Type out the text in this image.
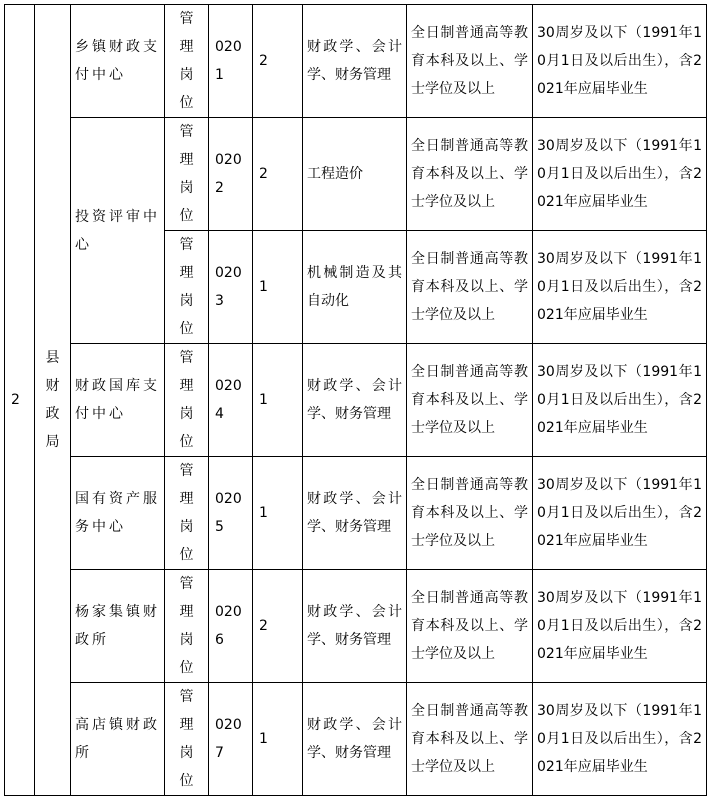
2	县财政局	乡镇财政支付中心	管理岗位	0201	2	财政学、会计学、财务管理	全日制普通高等教育本科及以上、学士学位及以上	30周岁及以下（1991年10月1日及以后出生），含2021年应届毕业生

		投资评审中心	管理岗位	0202	2	工程造价	全日制普通高等教育本科及以上、学士学位及以上	30周岁及以下（1991年10月1日及以后出生），含2021年应届毕业生

			管理岗位	0203	1	机械制造及其自动化	全日制普通高等教育本科及以上、学士学位及以上	30周岁及以下（1991年10月1日及以后出生），含2021年应届毕业生

		财政国库支付中心	管理岗位	0204	1	财政学、会计学、财务管理	全日制普通高等教育本科及以上、学士学位及以上	30周岁及以下（1991年10月1日及以后出生），含2021年应届毕业生

		国有资产服务中心	管理岗位	0205	1	财政学、会计学、财务管理	全日制普通高等教育本科及以上、学士学位及以上	30周岁及以下（1991年10月1日及以后出生），含2021年应届毕业生

		杨家集镇财政所	管理岗位	0206	2	财政学、会计学、财务管理	全日制普通高等教育本科及以上、学士学位及以上	30周岁及以下（1991年10月1日及以后出生），含2021年应届毕业生

		高店镇财政所	管理岗位	0207	1	财政学、会计学、财务管理	全日制普通高等教育本科及以上、学士学位及以上	30周岁及以下（1991年10月1日及以后出生），含2021年应届毕业生
